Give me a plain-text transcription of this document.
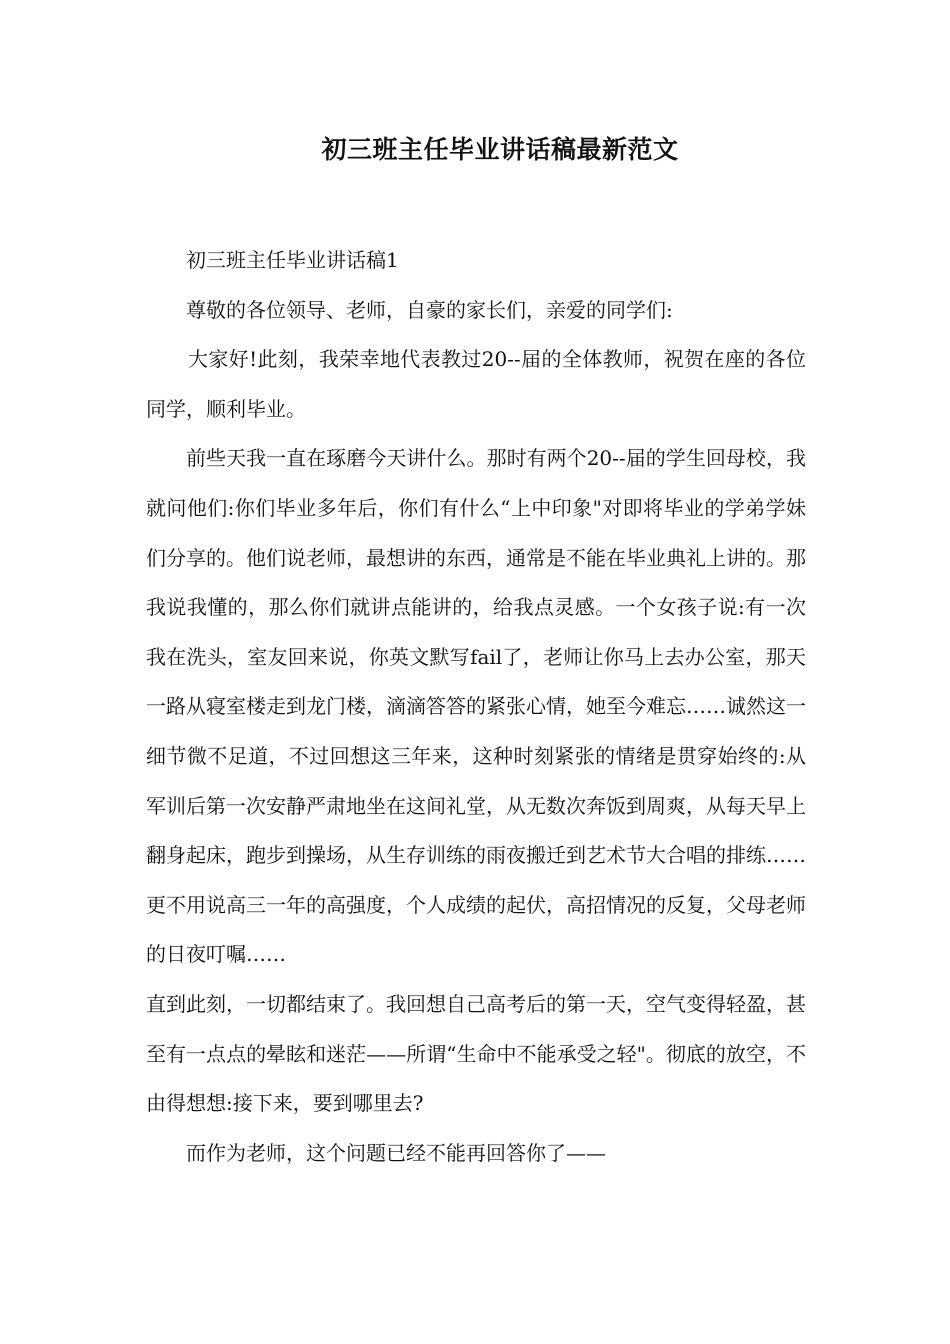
初三班主任毕业讲话稿最新范文

初三班主任毕业讲话稿1

尊敬的各位领导、老师，自豪的家长们，亲爱的同学们:

大家好!此刻，我荣幸地代表教过20--届的全体教师，祝贺在座的各位同学，顺利毕业。

前些天我一直在琢磨今天讲什么。那时有两个20--届的学生回母校，我就问他们:你们毕业多年后，你们有什么“上中印象"对即将毕业的学弟学妹们分享的。他们说老师，最想讲的东西，通常是不能在毕业典礼上讲的。那我说我懂的，那么你们就讲点能讲的，给我点灵感。一个女孩子说:有一次我在洗头，室友回来说，你英文默写fail了，老师让你马上去办公室，那天一路从寝室楼走到龙门楼，滴滴答答的紧张心情，她至今难忘……诚然这一细节微不足道，不过回想这三年来，这种时刻紧张的情绪是贯穿始终的:从军训后第一次安静严肃地坐在这间礼堂，从无数次奔饭到周爽，从每天早上翻身起床，跑步到操场，从生存训练的雨夜搬迁到艺术节大合唱的排练……更不用说高三一年的高强度，个人成绩的起伏，高招情况的反复，父母老师的日夜叮嘱……

直到此刻，一切都结束了。我回想自己高考后的第一天，空气变得轻盈，甚至有一点点的晕眩和迷茫——所谓“生命中不能承受之轻"。彻底的放空，不由得想想:接下来，要到哪里去?

而作为老师，这个问题已经不能再回答你了——
